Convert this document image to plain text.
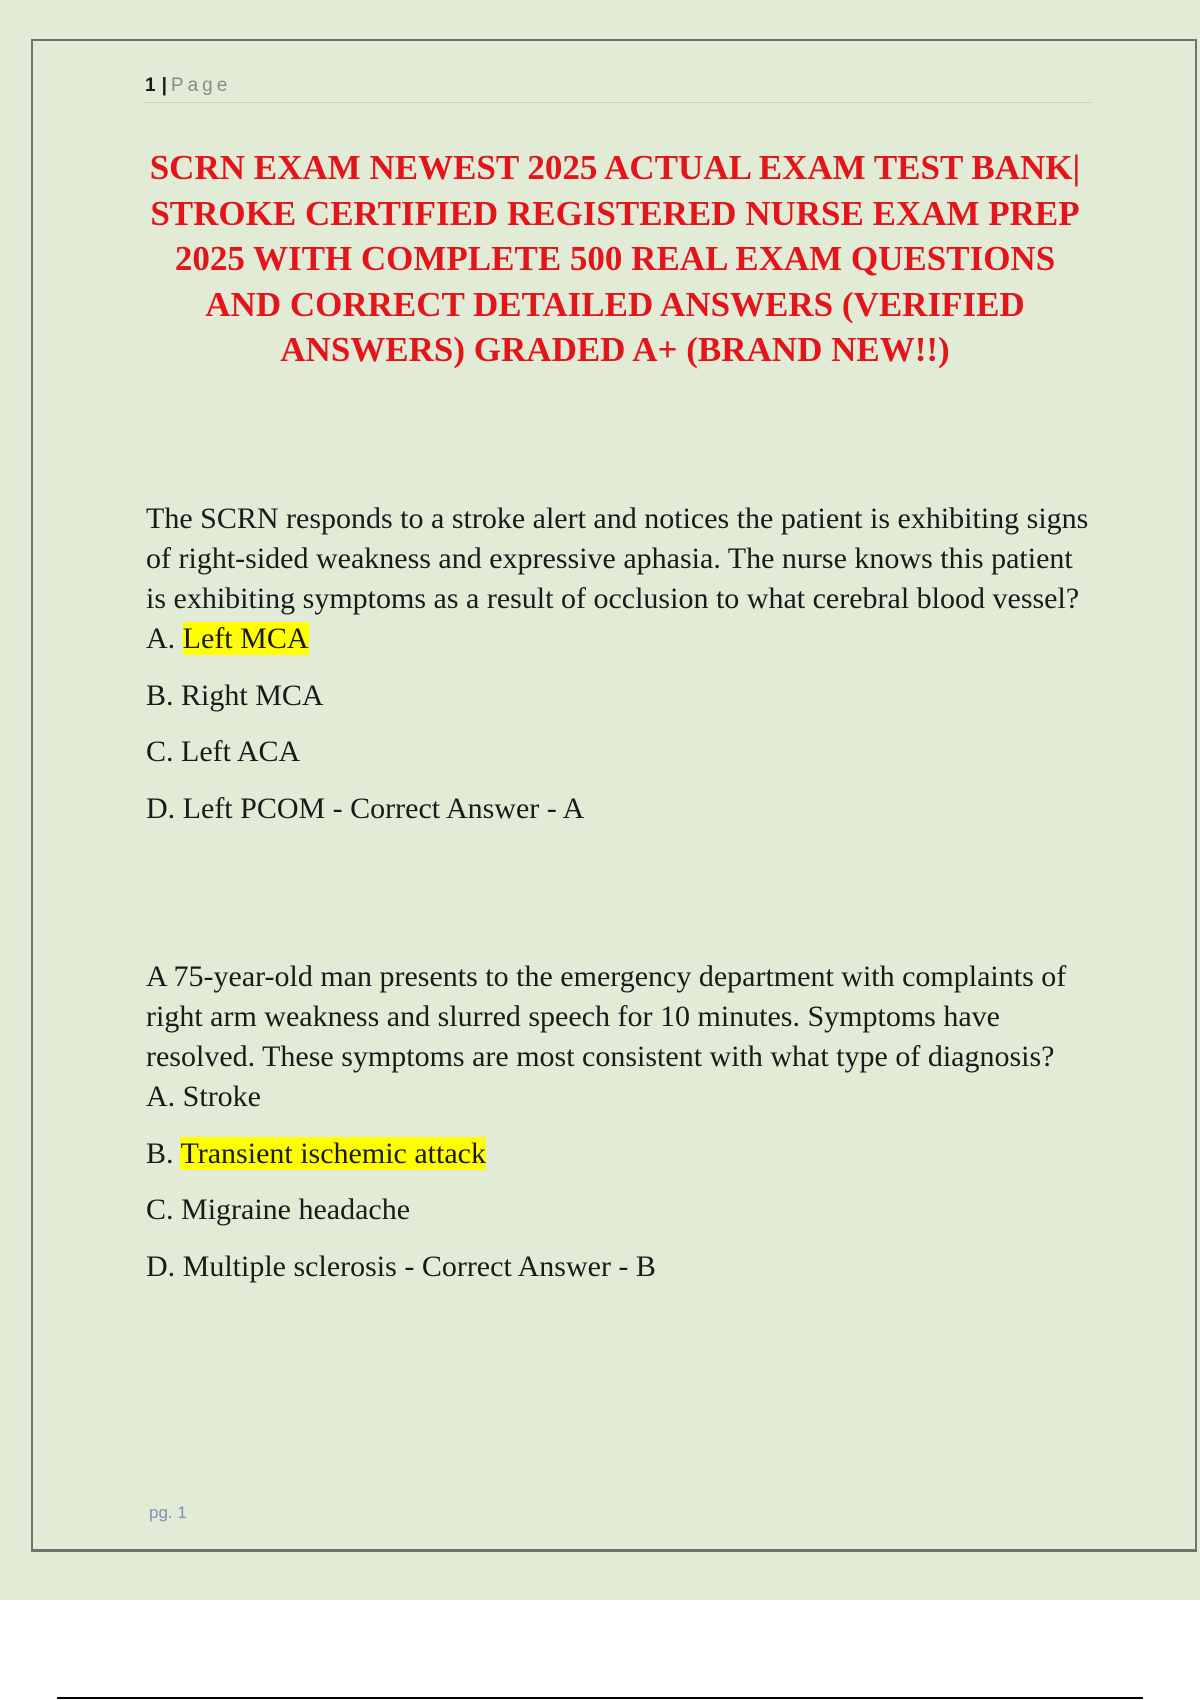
1 | Page
SCRN EXAM NEWEST 2025 ACTUAL EXAM TEST BANK| STROKE CERTIFIED REGISTERED NURSE EXAM PREP 2025 WITH COMPLETE 500 REAL EXAM QUESTIONS AND CORRECT DETAILED ANSWERS (VERIFIED ANSWERS) GRADED A+ (BRAND NEW!!)

The SCRN responds to a stroke alert and notices the patient is exhibiting signs of right-sided weakness and expressive aphasia. The nurse knows this patient is exhibiting symptoms as a result of occlusion to what cerebral blood vessel?

A. Left MCA

B. Right MCA

C. Left ACA

D. Left PCOM - Correct Answer - A

A 75-year-old man presents to the emergency department with complaints of right arm weakness and slurred speech for 10 minutes. Symptoms have resolved. These symptoms are most consistent with what type of diagnosis?

A. Stroke

B. Transient ischemic attack

C. Migraine headache

D. Multiple sclerosis - Correct Answer - B

pg. 1
